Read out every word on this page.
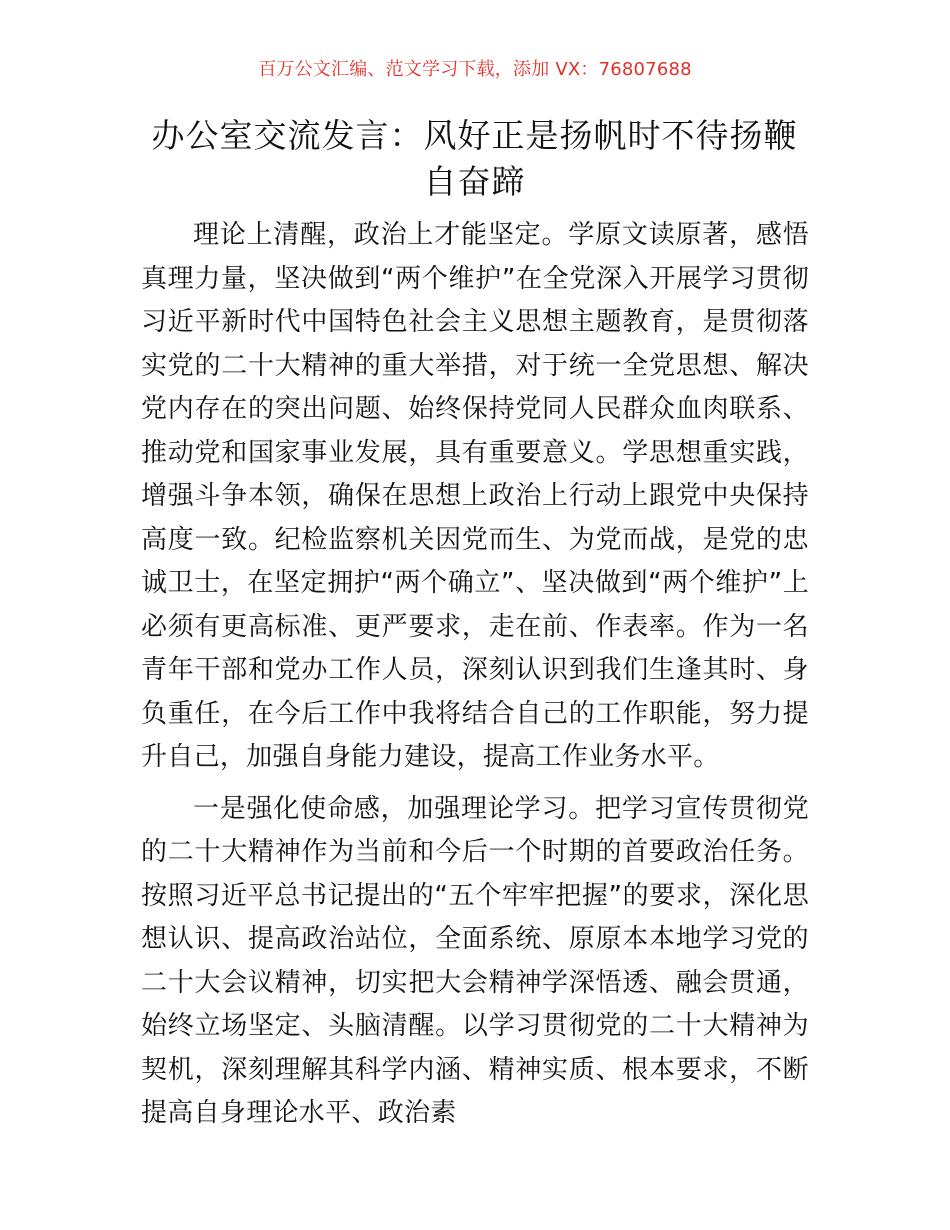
百万公文汇编、范文学习下载，添加 VX：76807688
办公室交流发言：风好正是扬帆时不待扬鞭自奋蹄

理论上清醒，政治上才能坚定。学原文读原著，感悟真理力量，坚决做到“两个维护”在全党深入开展学习贯彻习近平新时代中国特色社会主义思想主题教育，是贯彻落实党的二十大精神的重大举措，对于统一全党思想、解决党内存在的突出问题、始终保持党同人民群众血肉联系、推动党和国家事业发展，具有重要意义。学思想重实践，增强斗争本领，确保在思想上政治上行动上跟党中央保持高度一致。纪检监察机关因党而生、为党而战，是党的忠诚卫士，在坚定拥护“两个确立”、坚决做到“两个维护”上必须有更高标准、更严要求，走在前、作表率。作为一名青年干部和党办工作人员，深刻认识到我们生逢其时、身负重任，在今后工作中我将结合自己的工作职能，努力提升自己，加强自身能力建设，提高工作业务水平。

一是强化使命感，加强理论学习。把学习宣传贯彻党的二十大精神作为当前和今后一个时期的首要政治任务。按照习近平总书记提出的“五个牢牢把握”的要求，深化思想认识、提高政治站位，全面系统、原原本本地学习党的二十大会议精神，切实把大会精神学深悟透、融会贯通，始终立场坚定、头脑清醒。以学习贯彻党的二十大精神为契机，深刻理解其科学内涵、精神实质、根本要求，不断提高自身理论水平、政治素
